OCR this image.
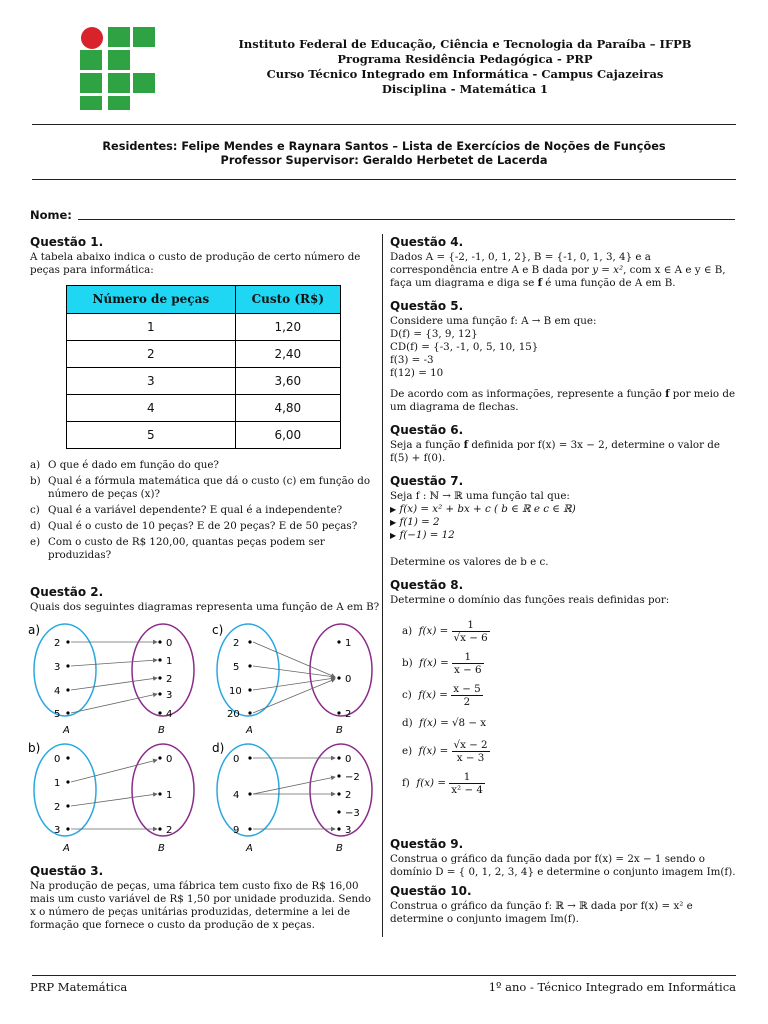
Instituto Federal de Educação, Ciência e Tecnologia da Paraíba – IFPB
Programa Residência Pedagógica - PRP
Curso Técnico Integrado em Informática - Campus Cajazeiras
Disciplina - Matemática 1
Residentes: Felipe Mendes e Raynara Santos – Lista de Exercícios de Noções de Funções
Professor Supervisor: Geraldo Herbetet de Lacerda
Nome:
Questão 1.

A tabela abaixo indica o custo de produção de certo número de peças para informática:

Número de peças	Custo (R$)
1	1,20
2	2,40
3	3,60
4	4,80
5	6,00
a) O que é dado em função do que?
b) Qual é a fórmula matemática que dá o custo (c) em função do número de peças (x)?
c) Qual é a variável dependente? E qual é a independente?
d) Qual é o custo de 10 peças? E de 20 peças? E de 50 peças?
e) Com o custo de R$ 120,00, quantas peças podem ser produzidas?
Questão 2.

Quais dos seguintes diagramas representa uma função de A em B?

a)
2
3
4
5
0
1
2
3
4
A	B
c)
2
5
10
20
1
0
2
A	B
b)
0
1
2
3
0
1
2
A	B
d)
0
4
9
0
−2
2
−3
3
A	B
Questão 3.

Na produção de peças, uma fábrica tem custo fixo de R$ 16,00 mais um custo variável de R$ 1,50 por unidade produzida. Sendo x o número de peças unitárias produzidas, determine a lei de formação que fornece o custo da produção de x peças.

Questão 4.

Dados A = {-2, -1, 0, 1, 2}, B = {-1, 0, 1, 3, 4} e a correspondência entre A e B dada por y = x², com x ∈ A e y ∈ B, faça um diagrama e diga se f é uma função de A em B.

Questão 5.

Considere uma função f: A → B em que:

D(f) = {3, 9, 12}

CD(f) = {-3, -1, 0, 5, 10, 15}

f(3) = -3

f(12) = 10

De acordo com as informações, represente a função f por meio de um diagrama de flechas.

Questão 6.

Seja a função f definida por f(x) = 3x − 2, determine o valor de f(5) + f(0).

Questão 7.

Seja f : ℕ → ℝ uma função tal que:

▶ f(x) = x² + bx + c ( b ∈ ℝ e c ∈ ℝ)

▶ f(1) = 2

▶ f(−1) = 12

Determine os valores de b e c.

Questão 8.

Determine o domínio das funções reais definidas por:

a)
f(x) =
$\frac{1}{√x - 6}$
b)
f(x) =
$\frac{1}{x - 6}$
c)
f(x) =
$\frac{x - 5}{2}$
d)
f(x) =
√8 − x
e)
f(x) =
$\frac{√x - 2}{x - 3}$
f)
f(x) =
$\frac{1}{\text{x² − 4}}$
Questão 9.

Construa o gráfico da função dada por f(x) = 2x − 1 sendo o domínio D = { 0, 1, 2, 3, 4} e determine o conjunto imagem Im(f).

Questão 10.

Construa o gráfico da função f: ℝ → ℝ dada por f(x) = x² e determine o conjunto imagem Im(f).

PRP Matemática	1º ano - Técnico Integrado em Informática
